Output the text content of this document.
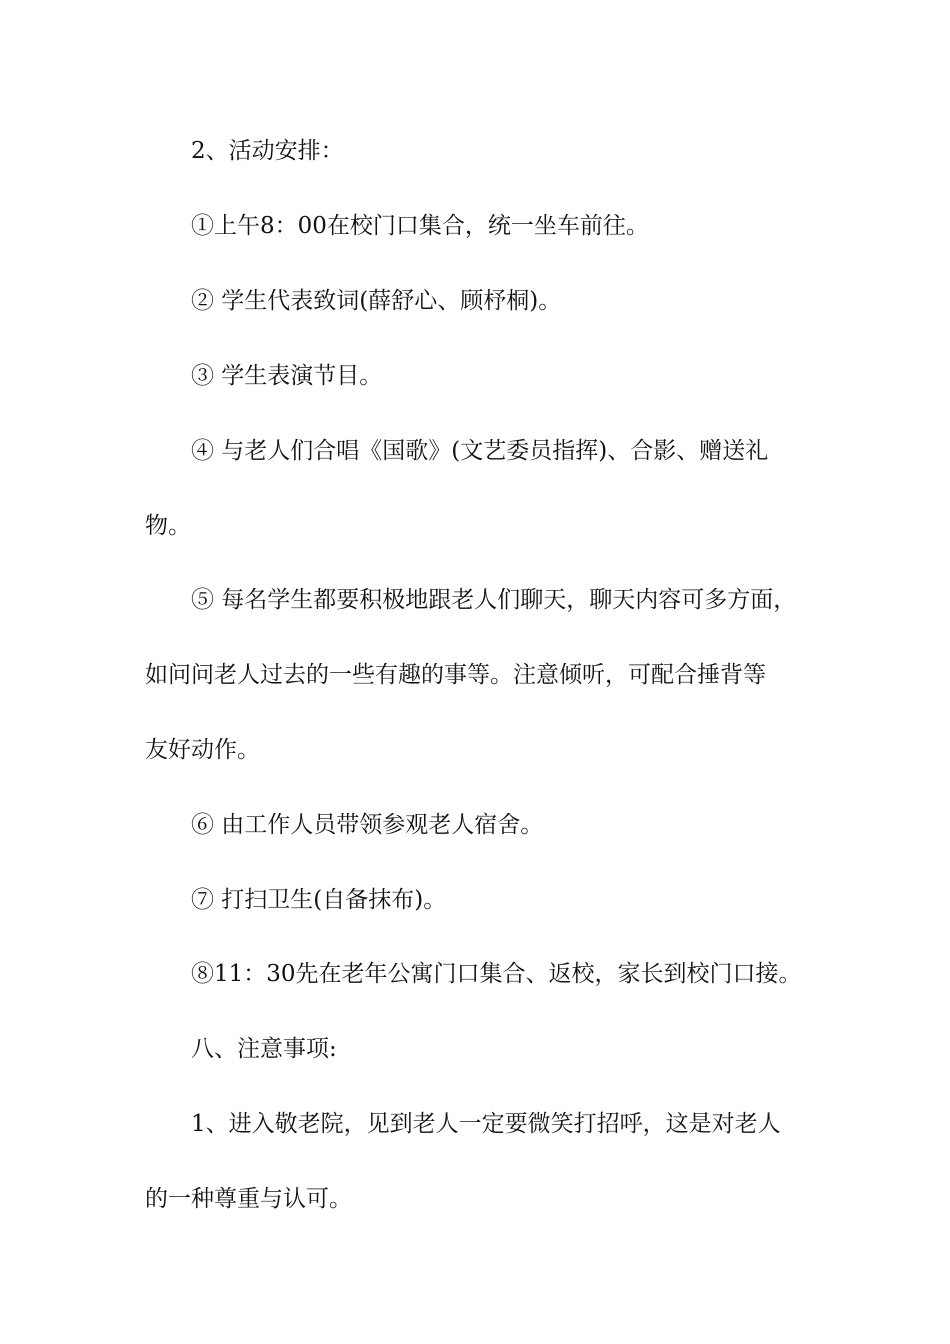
2、活动安排：
①上午8：00在校门口集合，统一坐车前往。
② 学生代表致词(薛舒心、顾杼桐)。
③ 学生表演节目。
④ 与老人们合唱《国歌》(文艺委员指挥)、合影、赠送礼
物。
⑤ 每名学生都要积极地跟老人们聊天，聊天内容可多方面，
如问问老人过去的一些有趣的事等。注意倾听，可配合捶背等
友好动作。
⑥ 由工作人员带领参观老人宿舍。
⑦ 打扫卫生(自备抹布)。
⑧11：30先在老年公寓门口集合、返校，家长到校门口接。
八、注意事项:
1、进入敬老院，见到老人一定要微笑打招呼，这是对老人
的一种尊重与认可。
